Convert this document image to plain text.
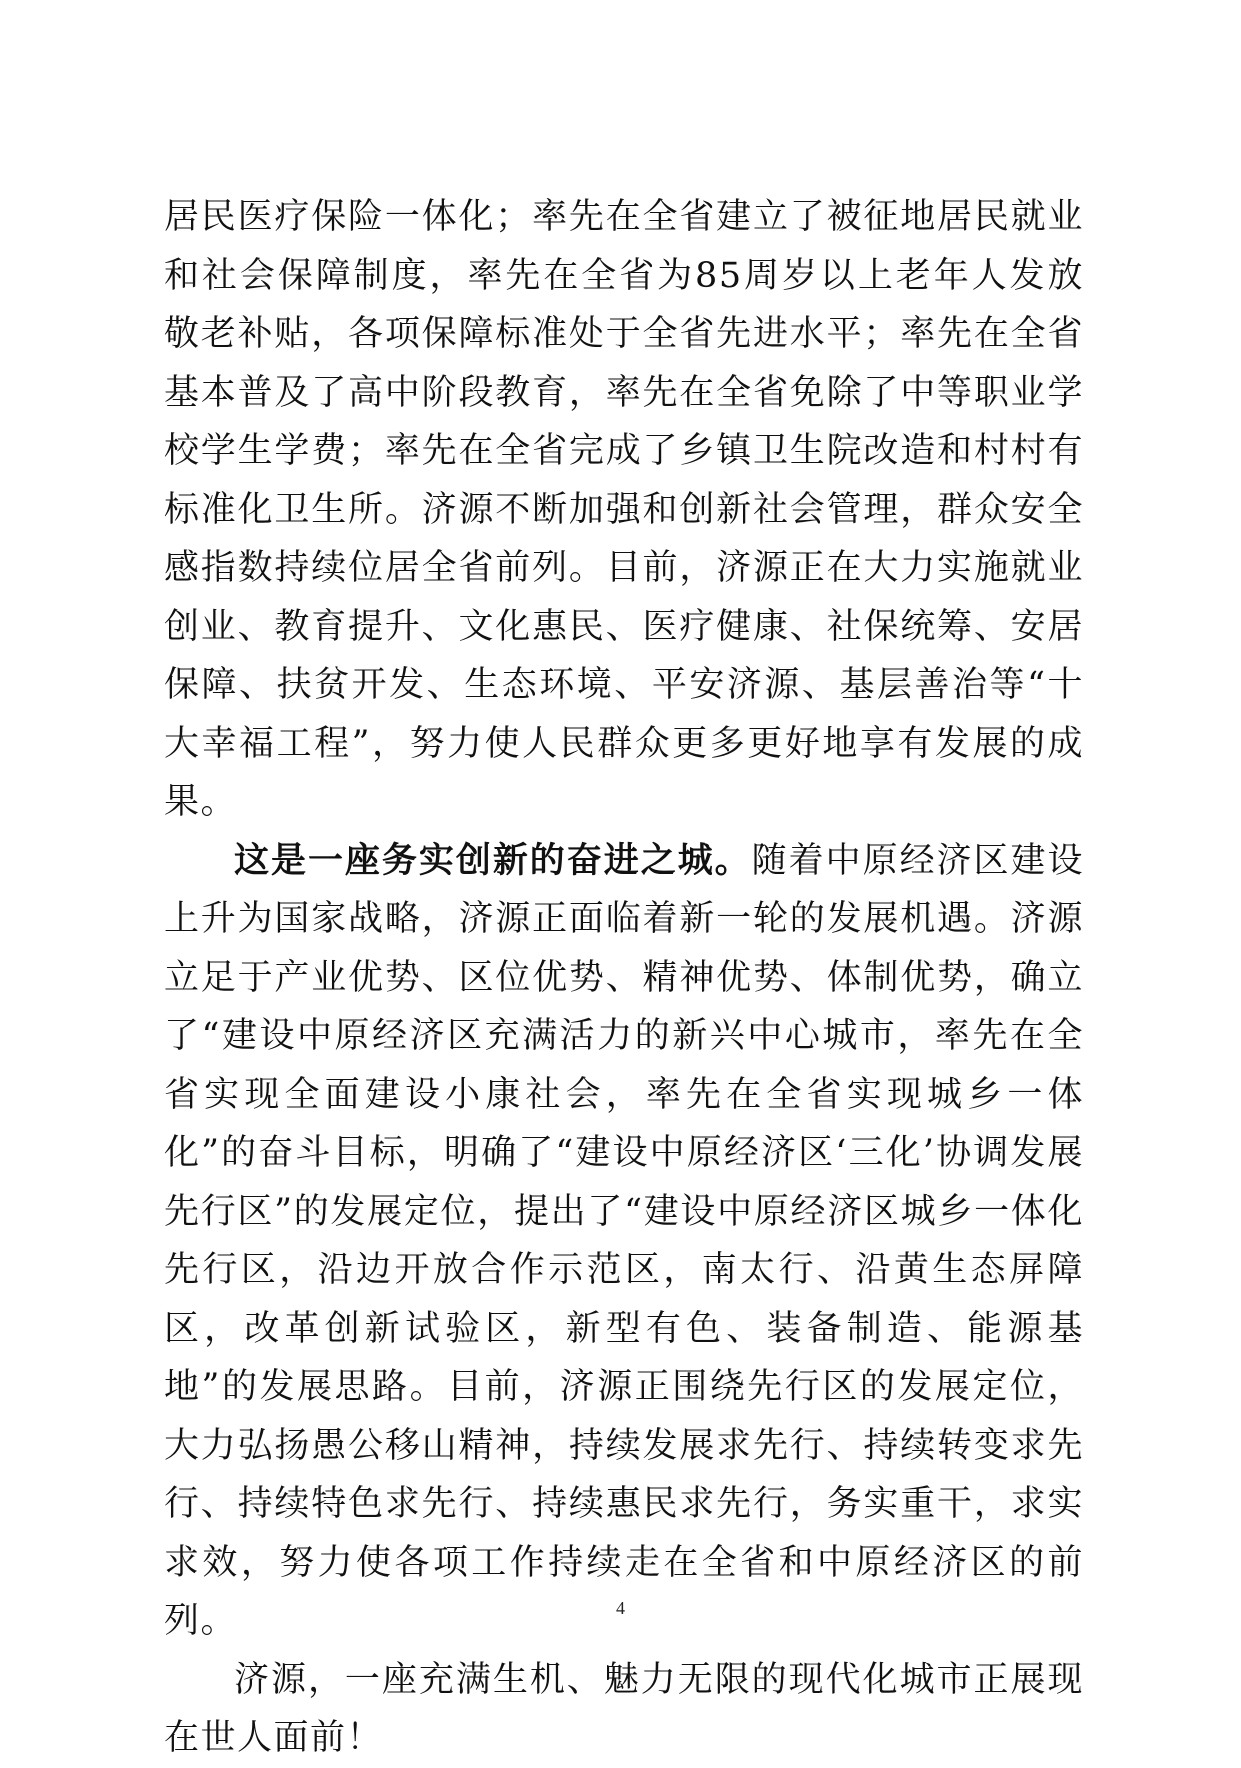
居民医疗保险一体化；率先在全省建立了被征地居民就业和社会保障制度，率先在全省为85周岁以上老年人发放敬老补贴，各项保障标准处于全省先进水平；率先在全省基本普及了高中阶段教育，率先在全省免除了中等职业学校学生学费；率先在全省完成了乡镇卫生院改造和村村有标准化卫生所。济源不断加强和创新社会管理，群众安全感指数持续位居全省前列。目前，济源正在大力实施就业创业、教育提升、文化惠民、医疗健康、社保统筹、安居保障、扶贫开发、生态环境、平安济源、基层善治等“十大幸福工程”，努力使人民群众更多更好地享有发展的成果。

这是一座务实创新的奋进之城。随着中原经济区建设上升为国家战略，济源正面临着新一轮的发展机遇。济源立足于产业优势、区位优势、精神优势、体制优势，确立了“建设中原经济区充满活力的新兴中心城市，率先在全省实现全面建设小康社会，率先在全省实现城乡一体化”的奋斗目标，明确了“建设中原经济区‘三化’协调发展先行区”的发展定位，提出了“建设中原经济区城乡一体化先行区，沿边开放合作示范区，南太行、沿黄生态屏障区，改革创新试验区，新型有色、装备制造、能源基地”的发展思路。目前，济源正围绕先行区的发展定位，大力弘扬愚公移山精神，持续发展求先行、持续转变求先行、持续特色求先行、持续惠民求先行，务实重干，求实求效，努力使各项工作持续走在全省和中原经济区的前列。

济源，一座充满生机、魅力无限的现代化城市正展现在世人面前！

4
